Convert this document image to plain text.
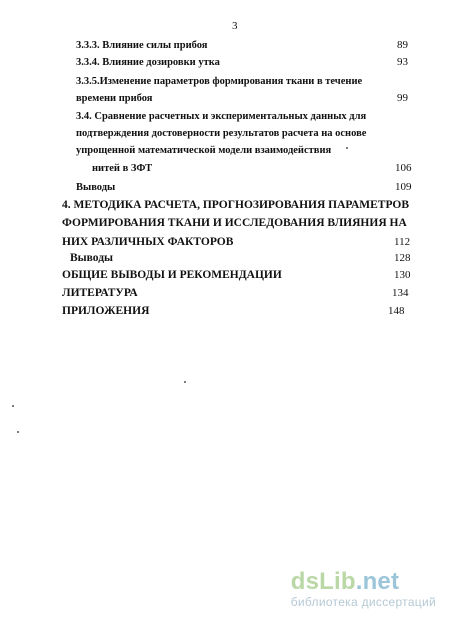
3
3.3.3. Влияние силы прибоя	89
3.3.4. Влияние дозировки утка	93
3.3.5.Изменение параметров формирования ткани в течение
времени прибоя	99
3.4. Сравнение расчетных и экспериментальных данных для
подтверждения достоверности результатов расчета на основе
упрощенной математической модели взаимодействия
нитей в ЗФТ	106
Выводы	109
4. МЕТОДИКА РАСЧЕТА, ПРОГНОЗИРОВАНИЯ ПАРАМЕТРОВ
ФОРМИРОВАНИЯ ТКАНИ И ИССЛЕДОВАНИЯ ВЛИЯНИЯ НА
НИХ РАЗЛИЧНЫХ ФАКТОРОВ	112
Выводы	128
ОБЩИЕ ВЫВОДЫ И РЕКОМЕНДАЦИИ	130
ЛИТЕРАТУРА	134
ПРИЛОЖЕНИЯ	148
dsLib.net
библиотека диссертаций
